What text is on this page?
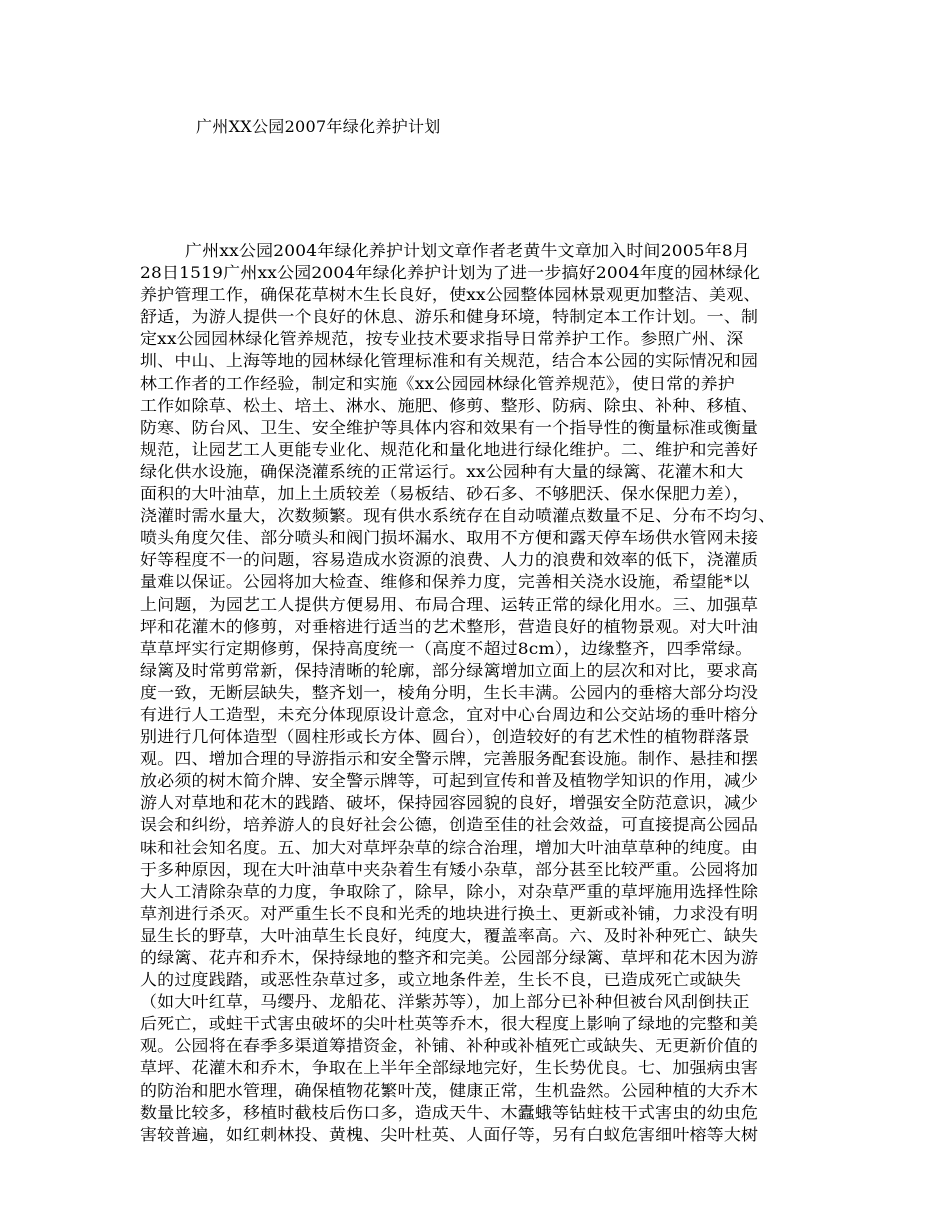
广州XX公园2007年绿化养护计划
广州xx公园2004年绿化养护计划文章作者老黄牛文章加入时间2005年8月
28日1519广州xx公园2004年绿化养护计划为了进一步搞好2004年度的园林绿化
养护管理工作，确保花草树木生长良好，使xx公园整体园林景观更加整洁、美观、
舒适，为游人提供一个良好的休息、游乐和健身环境，特制定本工作计划。一、制
定xx公园园林绿化管养规范，按专业技术要求指导日常养护工作。参照广州、深
圳、中山、上海等地的园林绿化管理标准和有关规范，结合本公园的实际情况和园
林工作者的工作经验，制定和实施《xx公园园林绿化管养规范》，使日常的养护
工作如除草、松土、培土、淋水、施肥、修剪、整形、防病、除虫、补种、移植、
防寒、防台风、卫生、安全维护等具体内容和效果有一个指导性的衡量标准或衡量
规范，让园艺工人更能专业化、规范化和量化地进行绿化维护。二、维护和完善好
绿化供水设施，确保浇灌系统的正常运行。xx公园种有大量的绿篱、花灌木和大
面积的大叶油草，加上土质较差（易板结、砂石多、不够肥沃、保水保肥力差），
浇灌时需水量大，次数频繁。现有供水系统存在自动喷灌点数量不足、分布不均匀、
喷头角度欠佳、部分喷头和阀门损坏漏水、取用不方便和露天停车场供水管网未接
好等程度不一的问题，容易造成水资源的浪费、人力的浪费和效率的低下，浇灌质
量难以保证。公园将加大检查、维修和保养力度，完善相关浇水设施，希望能*以
上问题，为园艺工人提供方便易用、布局合理、运转正常的绿化用水。三、加强草
坪和花灌木的修剪，对垂榕进行适当的艺术整形，营造良好的植物景观。对大叶油
草草坪实行定期修剪，保持高度统一（高度不超过8cm），边缘整齐，四季常绿。
绿篱及时常剪常新，保持清晰的轮廓，部分绿篱增加立面上的层次和对比，要求高
度一致，无断层缺失，整齐划一，棱角分明，生长丰满。公园内的垂榕大部分均没
有进行人工造型，未充分体现原设计意念，宜对中心台周边和公交站场的垂叶榕分
别进行几何体造型（圆柱形或长方体、圆台），创造较好的有艺术性的植物群落景
观。四、增加合理的导游指示和安全警示牌，完善服务配套设施。制作、悬挂和摆
放必须的树木简介牌、安全警示牌等，可起到宣传和普及植物学知识的作用，减少
游人对草地和花木的践踏、破坏，保持园容园貌的良好，增强安全防范意识，减少
误会和纠纷，培养游人的良好社会公德，创造至佳的社会效益，可直接提高公园品
味和社会知名度。五、加大对草坪杂草的综合治理，增加大叶油草草种的纯度。由
于多种原因，现在大叶油草中夹杂着生有矮小杂草，部分甚至比较严重。公园将加
大人工清除杂草的力度，争取除了，除早，除小，对杂草严重的草坪施用选择性除
草剂进行杀灭。对严重生长不良和光秃的地块进行换土、更新或补铺，力求没有明
显生长的野草，大叶油草生长良好，纯度大，覆盖率高。六、及时补种死亡、缺失
的绿篱、花卉和乔木，保持绿地的整齐和完美。公园部分绿篱、草坪和花木因为游
人的过度践踏，或恶性杂草过多，或立地条件差，生长不良，已造成死亡或缺失
（如大叶红草，马缨丹、龙船花、洋紫苏等），加上部分已补种但被台风刮倒扶正
后死亡，或蛀干式害虫破坏的尖叶杜英等乔木，很大程度上影响了绿地的完整和美
观。公园将在春季多渠道筹措资金，补铺、补种或补植死亡或缺失、无更新价值的
草坪、花灌木和乔木，争取在上半年全部绿地完好，生长势优良。七、加强病虫害
的防治和肥水管理，确保植物花繁叶茂，健康正常，生机盎然。公园种植的大乔木
数量比较多，移植时截枝后伤口多，造成天牛、木蠹蛾等钻蛀枝干式害虫的幼虫危
害较普遍，如红刺林投、黄槐、尖叶杜英、人面仔等，另有白蚁危害细叶榕等大树
